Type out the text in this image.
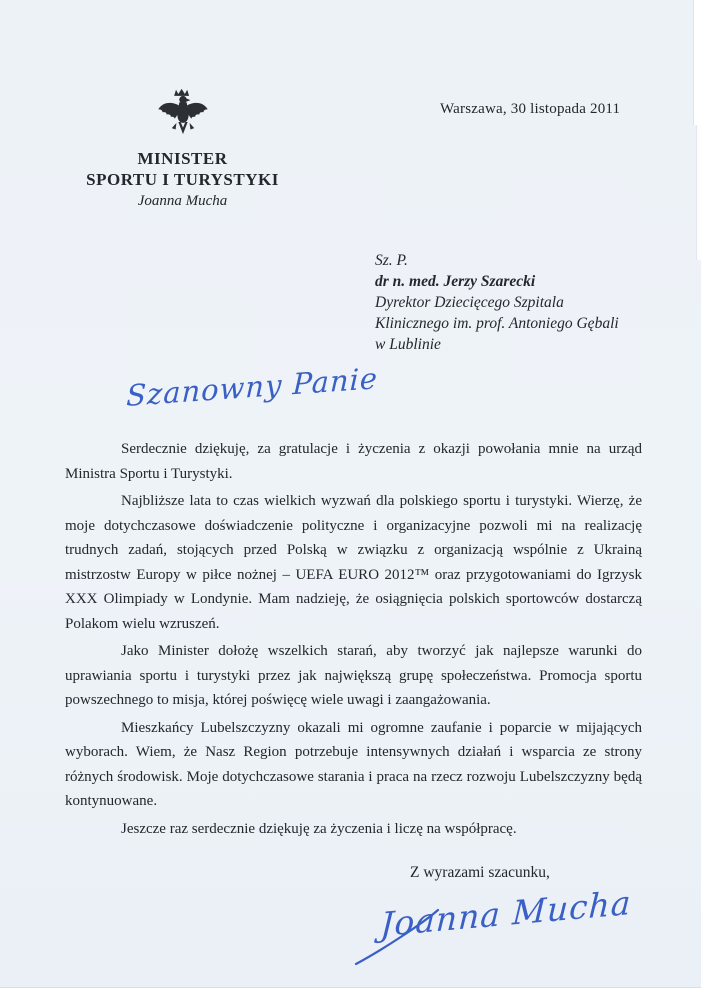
Warszawa, 30 listopada 2011
MINISTER
SPORTU I TURYSTYKI
Joanna Mucha
Sz. P.
dr n. med. Jerzy Szarecki
Dyrektor Dziecięcego Szpitala
Klinicznego im. prof. Antoniego Gębali
w Lublinie
Szanowny Panie

Serdecznie dziękuję, za gratulacje i życzenia z okazji powołania mnie na urząd Ministra Sportu i Turystyki.

Najbliższe lata to czas wielkich wyzwań dla polskiego sportu i turystyki. Wierzę, że moje dotychczasowe doświadczenie polityczne i organizacyjne pozwoli mi na realizację trudnych zadań, stojących przed Polską w związku z organizacją wspólnie z Ukrainą mistrzostw Europy w piłce nożnej – UEFA EURO 2012™ oraz przygotowaniami do Igrzysk XXX Olimpiady w Londynie. Mam nadzieję, że osiągnięcia polskich sportowców dostarczą Polakom wielu wzruszeń.

Jako Minister dołożę wszelkich starań, aby tworzyć jak najlepsze warunki do uprawiania sportu i turystyki przez jak największą grupę społeczeństwa. Promocja sportu powszechnego to misja, której poświęcę wiele uwagi i zaangażowania.

Mieszkańcy Lubelszczyzny okazali mi ogromne zaufanie i poparcie w mijających wyborach. Wiem, że Nasz Region potrzebuje intensywnych działań i wsparcia ze strony różnych środowisk. Moje dotychczasowe starania i praca na rzecz rozwoju Lubelszczyzny będą kontynuowane.

Jeszcze raz serdecznie dziękuję za życzenia i liczę na współpracę.

Z wyrazami szacunku,
Joanna Mucha
